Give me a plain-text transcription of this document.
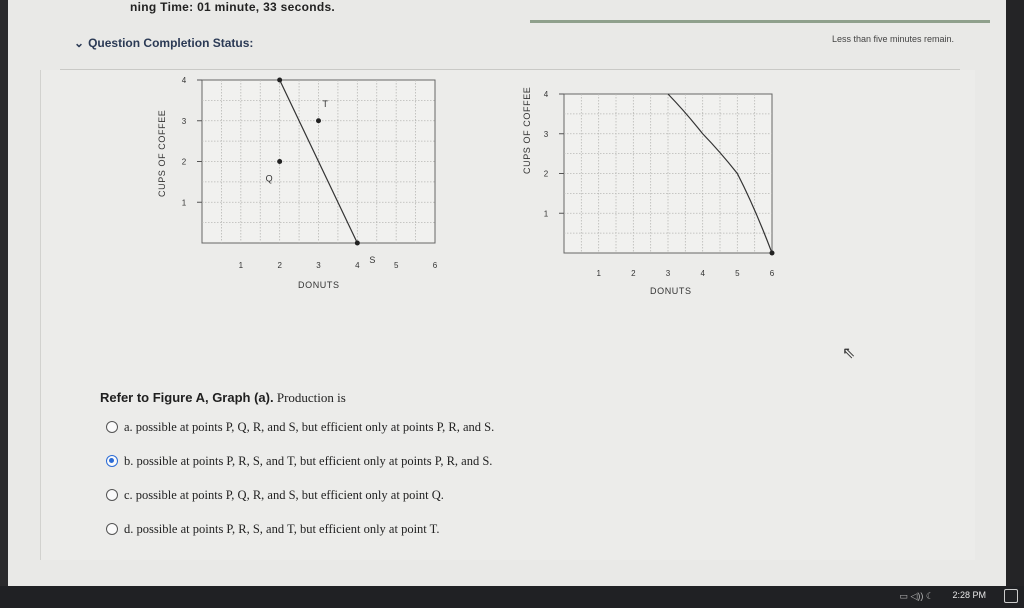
ning Time: 01 minute, 33 seconds.
⌄ Question Completion Status:	Less than five minutes remain.
T
Q
S
1	2	3	4	5	6
1
2
3
4
DONUTS
CUPS OF COFFEE
1	2	3	4	5	6
1
2
3
4
DONUTS
CUPS OF COFFEE
Refer to Figure A, Graph (a). Production is
a. possible at points P, Q, R, and S, but efficient only at points P, R, and S.
b. possible at points P, R, S, and T, but efficient only at points P, R, and S.
c. possible at points P, Q, R, and S, but efficient only at point Q.
d. possible at points P, R, S, and T, but efficient only at point T.
⇖
▭ ◁)) ☾ 2:28 PM
